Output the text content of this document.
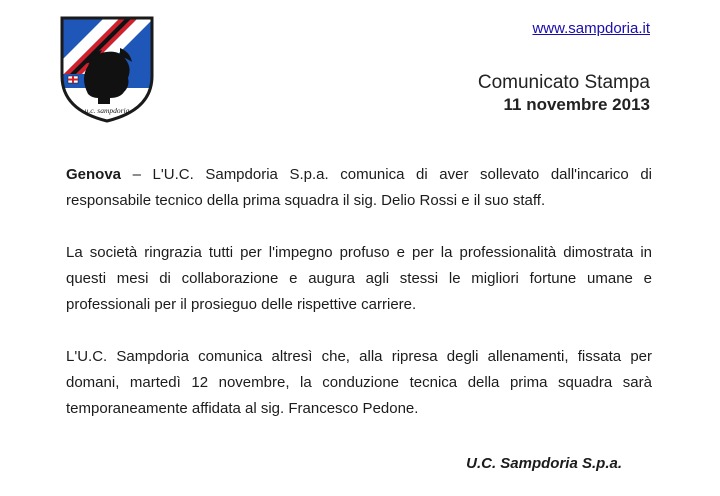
u.c. sampdoria
www.sampdoria.it
Comunicato Stampa
11 novembre 2013

Genova – L'U.C. Sampdoria S.p.a. comunica di aver sollevato dall'incarico di responsabile tecnico della prima squadra il sig. Delio Rossi e il suo staff.

La società ringrazia tutti per l'impegno profuso e per la professionalità dimostrata in questi mesi di collaborazione e augura agli stessi le migliori fortune umane e professionali per il prosieguo delle rispettive carriere.

L'U.C. Sampdoria comunica altresì che, alla ripresa degli allenamenti, fissata per domani, martedì 12 novembre, la conduzione tecnica della prima squadra sarà temporaneamente affidata al sig. Francesco Pedone.

U.C. Sampdoria S.p.a.
